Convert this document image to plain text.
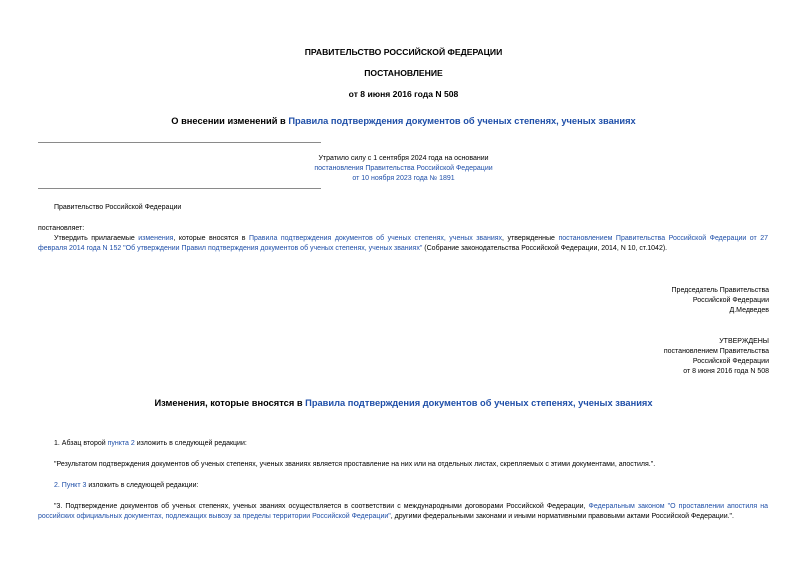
ПРАВИТЕЛЬСТВО РОССИЙСКОЙ ФЕДЕРАЦИИ
ПОСТАНОВЛЕНИЕ
от 8 июня 2016 года N 508
О внесении изменений в Правила подтверждения документов об ученых степенях, ученых званиях
Утратило силу с 1 сентября 2024 года на основании
постановления Правительства Российской Федерации
от 10 ноября 2023 года № 1891
Правительство Российской Федерации
постановляет:
Утвердить прилагаемые изменения, которые вносятся в Правила подтверждения документов об ученых степенях, ученых званиях, утвержденные постановлением Правительства Российской Федерации от 27 февраля 2014 года N 152 "Об утверждении Правил подтверждения документов об ученых степенях, ученых званиях" (Собрание законодательства Российской Федерации, 2014, N 10, ст.1042).
Председатель Правительства
Российской Федерации
Д.Медведев
УТВЕРЖДЕНЫ
постановлением Правительства
Российской Федерации
от 8 июня 2016 года N 508
Изменения, которые вносятся в Правила подтверждения документов об ученых степенях, ученых званиях
1. Абзац второй пункта 2 изложить в следующей редакции:
"Результатом подтверждения документов об ученых степенях, ученых званиях является проставление на них или на отдельных листах, скрепляемых с этими документами, апостиля.".
2. Пункт 3 изложить в следующей редакции:
"3. Подтверждение документов об ученых степенях, ученых званиях осуществляется в соответствии с международными договорами Российской Федерации, Федеральным законом "О проставлении апостиля на российских официальных документах, подлежащих вывозу за пределы территории Российской Федерации", другими федеральными законами и иными нормативными правовыми актами Российской Федерации.".
